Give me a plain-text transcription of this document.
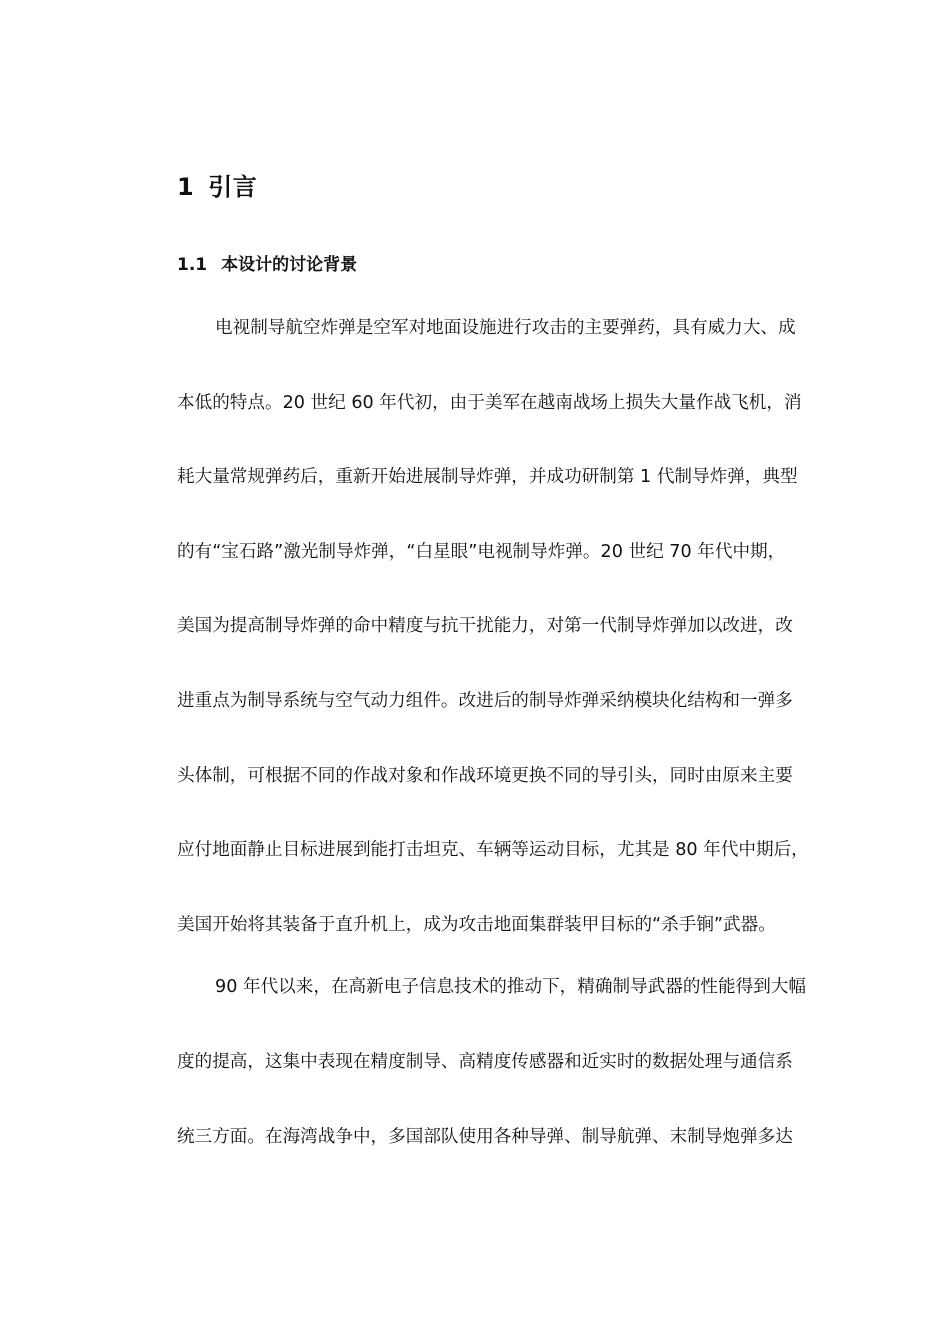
1 引言
1.1 本设计的讨论背景
电视制导航空炸弹是空军对地面设施进行攻击的主要弹药，具有威力大、成
本低的特点。20 世纪 60 年代初，由于美军在越南战场上损失大量作战飞机，消
耗大量常规弹药后，重新开始进展制导炸弹，并成功研制第 1 代制导炸弹，典型
的有“宝石路”激光制导炸弹，“白星眼”电视制导炸弹。20 世纪 70 年代中期，
美国为提高制导炸弹的命中精度与抗干扰能力，对第一代制导炸弹加以改进，改
进重点为制导系统与空气动力组件。改进后的制导炸弹采纳模块化结构和一弹多
头体制，可根据不同的作战对象和作战环境更换不同的导引头，同时由原来主要
应付地面静止目标进展到能打击坦克、车辆等运动目标，尤其是 80 年代中期后，
美国开始将其装备于直升机上，成为攻击地面集群装甲目标的“杀手锏”武器。
90 年代以来，在高新电子信息技术的推动下，精确制导武器的性能得到大幅
度的提高，这集中表现在精度制导、高精度传感器和近实时的数据处理与通信系
统三方面。在海湾战争中，多国部队使用各种导弹、制导航弹、末制导炮弹多达
